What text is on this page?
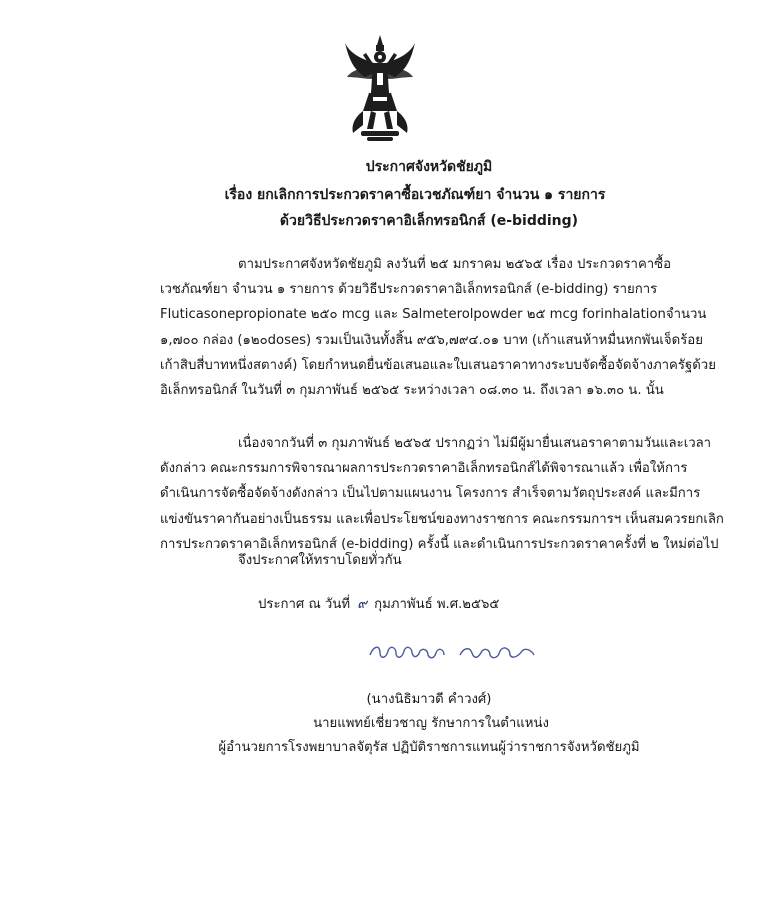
ประกาศจังหวัดชัยภูมิ
เรื่อง ยกเลิกการประกวดราคาซื้อเวชภัณฑ์ยา จำนวน ๑ รายการ
ด้วยวิธีประกวดราคาอิเล็กทรอนิกส์ (e-bidding)
ตามประกาศจังหวัดชัยภูมิ ลงวันที่ ๒๕ มกราคม ๒๕๖๕ เรื่อง ประกวดราคาซื้อ
เวชภัณฑ์ยา จำนวน ๑ รายการ ด้วยวิธีประกวดราคาอิเล็กทรอนิกส์ (e-bidding) รายการ
Fluticasonepropionate ๒๕๐ mcg และ Salmeterolpowder ๒๕ mcg forinhalationจำนวน
๑,๗๐๐ กล่อง (๑๒๐doses) รวมเป็นเงินทั้งสิ้น ๙๕๖,๗๙๔.๐๑ บาท (เก้าแสนห้าหมื่นหกพันเจ็ดร้อย
เก้าสิบสี่บาทหนึ่งสตางค์) โดยกำหนดยื่นข้อเสนอและใบเสนอราคาทางระบบจัดซื้อจัดจ้างภาครัฐด้วย
อิเล็กทรอนิกส์ ในวันที่ ๓ กุมภาพันธ์ ๒๕๖๕ ระหว่างเวลา ๐๘.๓๐ น. ถึงเวลา ๑๖.๓๐ น. นั้น
เนื่องจากวันที่ ๓ กุมภาพันธ์ ๒๕๖๕ ปรากฏว่า ไม่มีผู้มายื่นเสนอราคาตามวันและเวลา
ดังกล่าว คณะกรรมการพิจารณาผลการประกวดราคาอิเล็กทรอนิกส์ได้พิจารณาแล้ว เพื่อให้การ
ดำเนินการจัดซื้อจัดจ้างดังกล่าว เป็นไปตามแผนงาน โครงการ สำเร็จตามวัตถุประสงค์ และมีการ
แข่งขันราคากันอย่างเป็นธรรม และเพื่อประโยชน์ของทางราชการ คณะกรรมการฯ เห็นสมควรยกเลิก
การประกวดราคาอิเล็กทรอนิกส์ (e-bidding) ครั้งนี้ และดำเนินการประกวดราคาครั้งที่ ๒ ใหม่ต่อไป
จึงประกาศให้ทราบโดยทั่วกัน
ประกาศ ณ วันที่ ๙ กุมภาพันธ์ พ.ศ.๒๕๖๕
(นางนิธิมาวดี คำวงศ์)
นายแพทย์เชี่ยวชาญ รักษาการในตำแหน่ง
ผู้อำนวยการโรงพยาบาลจัตุรัส ปฏิบัติราชการแทนผู้ว่าราชการจังหวัดชัยภูมิ
